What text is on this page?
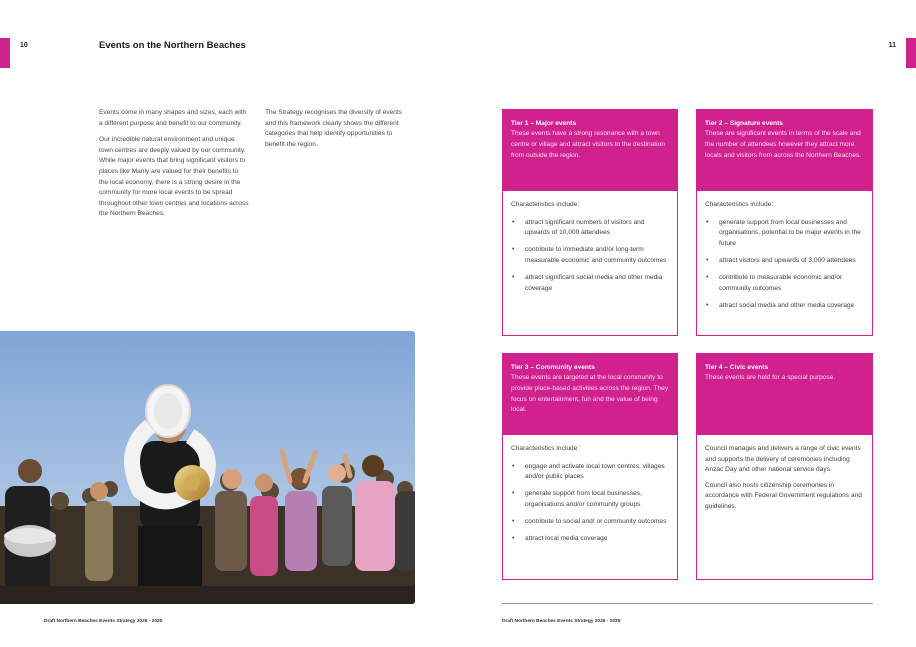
10	Events on the Northern Beaches	11

Events come in many shapes and sizes, each with a different purpose and benefit to our community.

Our incredible natural environment and unique town centres are deeply valued by our community. While major events that bring significant visitors to places like Manly are valued for their benefits to the local economy, there is a strong desire in the community for more local events to be spread throughout other town centres and locations across the Northern Beaches.

The Strategy recognises the diversity of events and this framework clearly shows the different categories that help identify opportunities to benefit the region.

Tier 1 – Major events
These events have a strong resonance with a town centre or village and attract visitors to the destination from outside the region.
Characteristics include:
• attract significant numbers of visitors and upwards of 10,000 attendees
• contribute to immediate and/or long-term measurable economic and community outcomes
• attract significant social media and other media coverage
Tier 2 – Signature events
These are significant events in terms of the scale and the number of attendees however they attract more locals and visitors from across the Northern Beaches.
Characteristics include:
• generate support from local businesses and organisations, potential to be major events in the future
• attract visitors and upwards of 3,000 attendees
• contribute to measurable economic and/or community outcomes
• attract social media and other media coverage
Tier 3 – Community events
These events are targeted at the local community to provide place-based activities across the region. They focus on entertainment, fun and the value of being local.
Characteristics include:
• engage and activate local town centres, villages and/or public places
• generate support from local businesses, organisations and/or community groups
• contribute to social and/ or community outcomes
• attract local media coverage
Tier 4 – Civic events
These events are held for a special purpose.

Council manages and delivers a range of civic events and supports the delivery of ceremonies including Anzac Day and other national service days.

Council also hosts citizenship ceremonies in accordance with Federal Government regulations and guidelines.

Draft Northern Beaches Events Strategy 2026 - 2035	Draft Northern Beaches Events Strategy 2026 - 2035
